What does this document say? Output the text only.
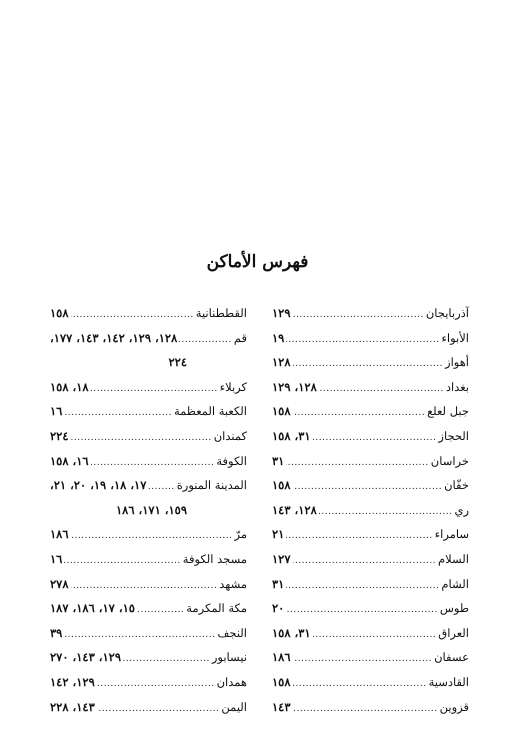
فهرس الأماكن
آذربايجان
.....
١٢٩
الأبواء
.....
١٩
أهواز
.....
١٢٨
بغداد
.....
١٢٨، ١٢٩
جبل لعلع
.....
١٥٨
الحجاز
.....
٣١، ١٥٨
خراسان
.....
٣١
خفّان
.....
١٥٨
ري
.....
١٢٨، ١٤٣
سامراء
.....
٢١
السلام
.....
١٢٧
الشام
.....
٣١
طوس
.....
٢٠
العراق
.....
٣١، ١٥٨
عسفان
.....
١٨٦
القادسية
.....
١٥٨
قزوين
.....
١٤٣
القططنانية
.....
١٥٨
قم
.....
١٢٨، ١٢٩، ١٤٢، ١٤٣، ١٧٧،
٢٢٤
كربلاء
.....
١٨، ١٥٨
الكعبة المعظمة
.....
١٦
كمندان
.....
٢٢٤
الكوفة
.....
١٦، ١٥٨
المدينة المنورة
.....
١٧، ١٨، ١٩، ٢٠، ٢١،
١٥٩، ١٧١، ١٨٦
مرّ
.....
١٨٦
مسجد الكوفة
.....
١٦
مشهد
.....
٢٧٨
مكة المكرمة
.....
١٥، ١٧، ١٨٦، ١٨٧
النجف
.....
٣٩
نيسابور
.....
١٢٩، ١٤٣، ٢٧٠
همدان
.....
١٢٩، ١٤٢
اليمن
.....
١٤٣، ٢٢٨
